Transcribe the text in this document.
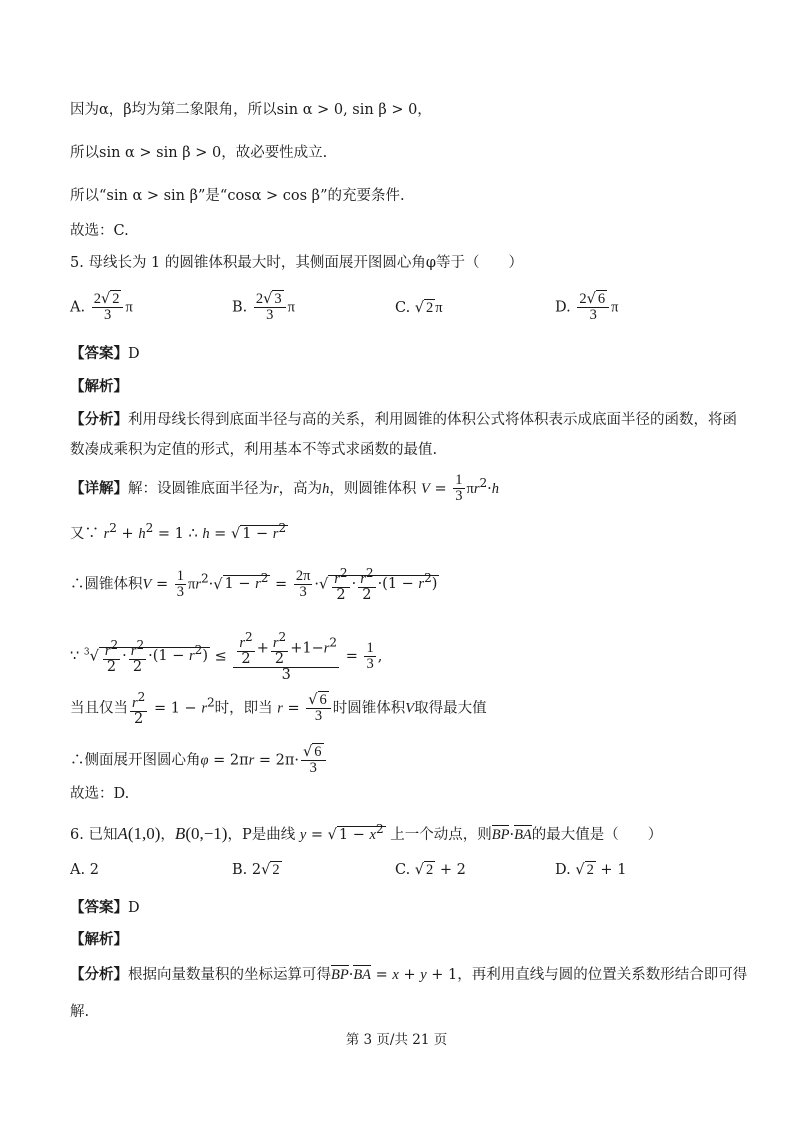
因为α，β均为第二象限角，所以sin α > 0, sin β > 0，
所以sin α > sin β > 0，故必要性成立.
所以“sin α > sin β”是“cosα > cos β”的充要条件.
故选：C.
5. 母线长为 1 的圆锥体积最大时，其侧面展开图圆心角φ等于（　　）
A. $\frac{2√ 2}{3}$ π	B. $\frac{2√ 3}{3}$ π	C. √ 2 π	D. $\frac{2√ 6}{3}$ π
【答案】D
【解析】
【分析】利用母线长得到底面半径与高的关系，利用圆锥的体积公式将体积表示成底面半径的函数，将函
数凑成乘积为定值的形式，利用基本不等式求函数的最值.
【详解】解：设圆锥底面半径为r，高为h，则圆锥体积 $V = \frac{1}{3} \pi r^2\cdot h$
又∵ $r^2 + h^2 = 1$ ∴ h = √ $1 - r^2$
∴圆锥体积$V = \frac{1}{3} \pi r^2\cdot√$ $1 - r^2 = \frac{2\pi}{3}$ ·√ $\frac{r^2}{2} \cdot \frac{r^2}{2} \cdot(1 - r^2)$
∵ $^3√ \frac{r^2}{2} \cdot \frac{r^2}{2} \cdot(1 - r^2) \le \frac{\frac{r^2}{2} + \frac{r^2}{2} +1-r^2}{3} = \frac{1}{3}$ ,
当且仅当 $\frac{r^2}{2} = 1 - r^2$时，即当 $r = \frac{√ 6}{3}$ 时圆锥体积V取得最大值
∴侧面展开图圆心角$\varphi = 2\pi r = 2\pi\cdot \frac{√ 6}{3}$
故选：D.
6. 已知A(1,0)，B(0,−1)，P是曲线 y = √ $1 - x^2$ 上一个动点，则BP·BA的最大值是（　　）
A. 2	B. 2√ 2	C. √ 2 + 2	D. √ 2 + 1
【答案】D
【解析】
【分析】根据向量数量积的坐标运算可得BP·BA = x + y + 1，再利用直线与圆的位置关系数形结合即可得
解.
第 3 页/共 21 页
